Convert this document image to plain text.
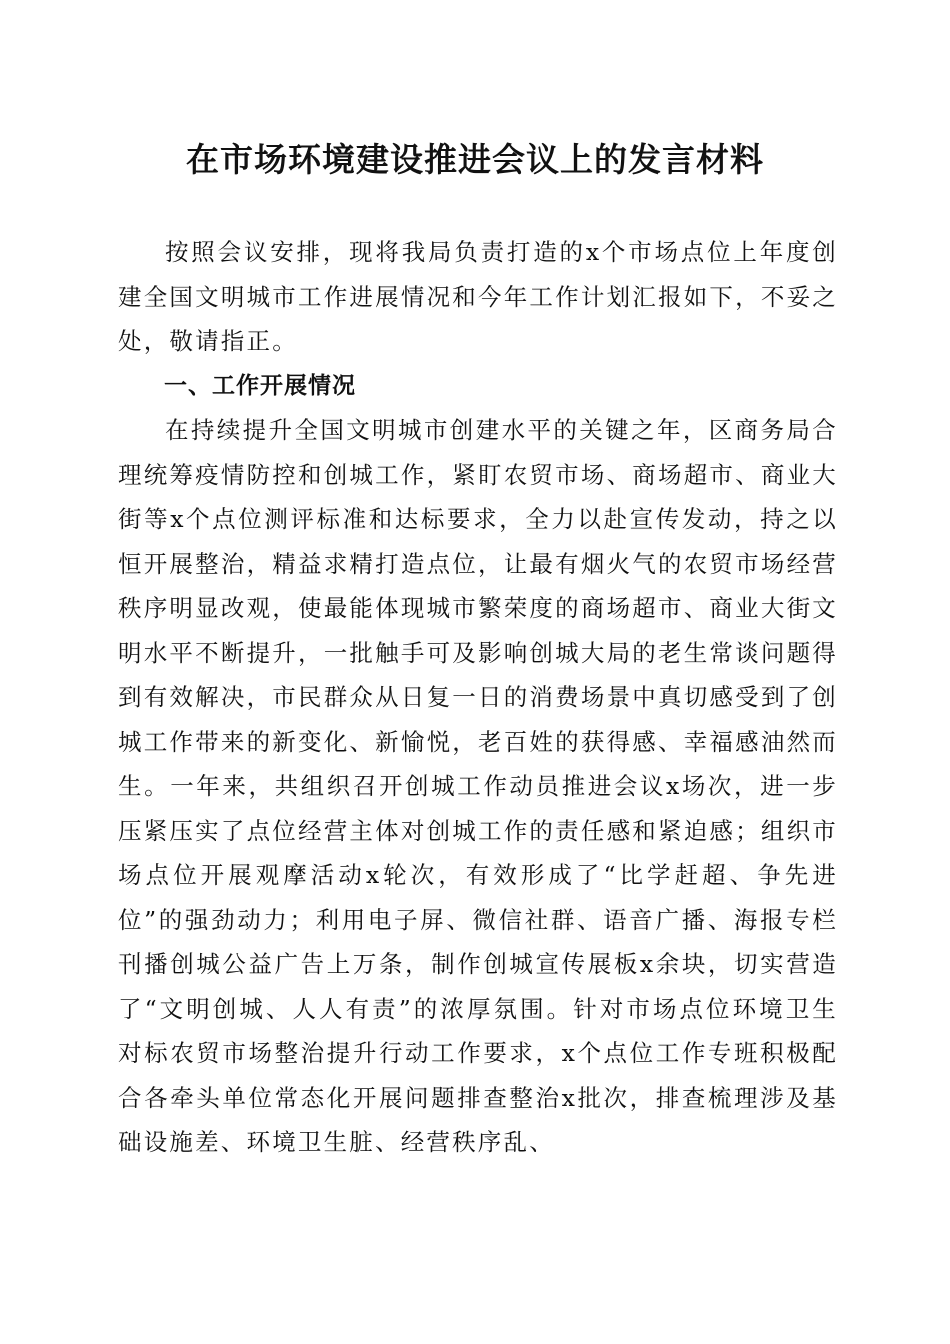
在市场环境建设推进会议上的发言材料

按照会议安排，现将我局负责打造的x个市场点位上年度创建全国文明城市工作进展情况和今年工作计划汇报如下，不妥之处，敬请指正。

一、工作开展情况

在持续提升全国文明城市创建水平的关键之年，区商务局合理统筹疫情防控和创城工作，紧盯农贸市场、商场超市、商业大街等x个点位测评标准和达标要求，全力以赴宣传发动，持之以恒开展整治，精益求精打造点位，让最有烟火气的农贸市场经营秩序明显改观，使最能体现城市繁荣度的商场超市、商业大街文明水平不断提升，一批触手可及影响创城大局的老生常谈问题得到有效解决，市民群众从日复一日的消费场景中真切感受到了创城工作带来的新变化、新愉悦，老百姓的获得感、幸福感油然而生。一年来，共组织召开创城工作动员推进会议x场次，进一步压紧压实了点位经营主体对创城工作的责任感和紧迫感；组织市场点位开展观摩活动x轮次，有效形成了“比学赶超、争先进位”的强劲动力；利用电子屏、微信社群、语音广播、海报专栏刊播创城公益广告上万条，制作创城宣传展板x余块，切实营造了“文明创城、人人有责”的浓厚氛围。针对市场点位环境卫生对标农贸市场整治提升行动工作要求，x个点位工作专班积极配合各牵头单位常态化开展问题排查整治x批次，排查梳理涉及基础设施差、环境卫生脏、经营秩序乱、
